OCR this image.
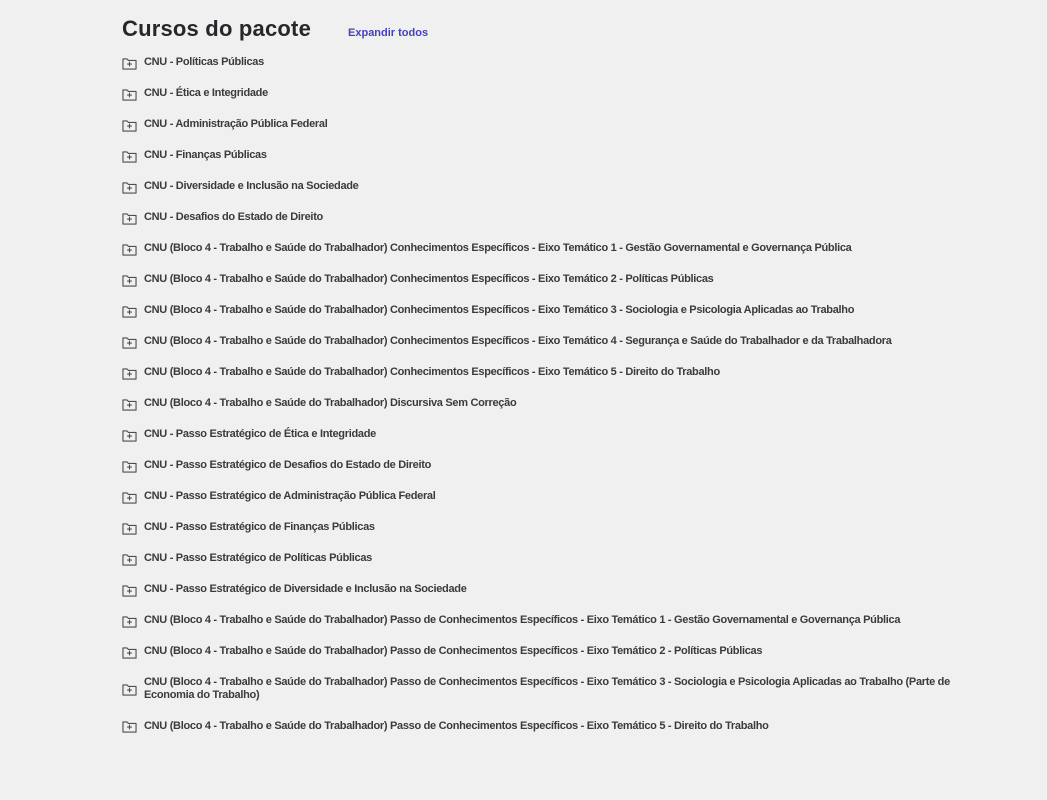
Cursos do pacote	Expandir todos
CNU - Políticas Públicas
CNU - Ética e Integridade
CNU - Administração Pública Federal
CNU - Finanças Públicas
CNU - Diversidade e Inclusão na Sociedade
CNU - Desafios do Estado de Direito
CNU (Bloco 4 - Trabalho e Saúde do Trabalhador) Conhecimentos Específicos - Eixo Temático 1 - Gestão Governamental e Governança Pública
CNU (Bloco 4 - Trabalho e Saúde do Trabalhador) Conhecimentos Específicos - Eixo Temático 2 - Políticas Públicas
CNU (Bloco 4 - Trabalho e Saúde do Trabalhador) Conhecimentos Específicos - Eixo Temático 3 - Sociologia e Psicologia Aplicadas ao Trabalho
CNU (Bloco 4 - Trabalho e Saúde do Trabalhador) Conhecimentos Específicos - Eixo Temático 4 - Segurança e Saúde do Trabalhador e da Trabalhadora
CNU (Bloco 4 - Trabalho e Saúde do Trabalhador) Conhecimentos Específicos - Eixo Temático 5 - Direito do Trabalho
CNU (Bloco 4 - Trabalho e Saúde do Trabalhador) Discursiva Sem Correção
CNU - Passo Estratégico de Ética e Integridade
CNU - Passo Estratégico de Desafios do Estado de Direito
CNU - Passo Estratégico de Administração Pública Federal
CNU - Passo Estratégico de Finanças Públicas
CNU - Passo Estratégico de Políticas Públicas
CNU - Passo Estratégico de Diversidade e Inclusão na Sociedade
CNU (Bloco 4 - Trabalho e Saúde do Trabalhador) Passo de Conhecimentos Específicos - Eixo Temático 1 - Gestão Governamental e Governança Pública
CNU (Bloco 4 - Trabalho e Saúde do Trabalhador) Passo de Conhecimentos Específicos - Eixo Temático 2 - Políticas Públicas
CNU (Bloco 4 - Trabalho e Saúde do Trabalhador) Passo de Conhecimentos Específicos - Eixo Temático 3 - Sociologia e Psicologia Aplicadas ao Trabalho (Parte de Economia do Trabalho)
CNU (Bloco 4 - Trabalho e Saúde do Trabalhador) Passo de Conhecimentos Específicos - Eixo Temático 5 - Direito do Trabalho
